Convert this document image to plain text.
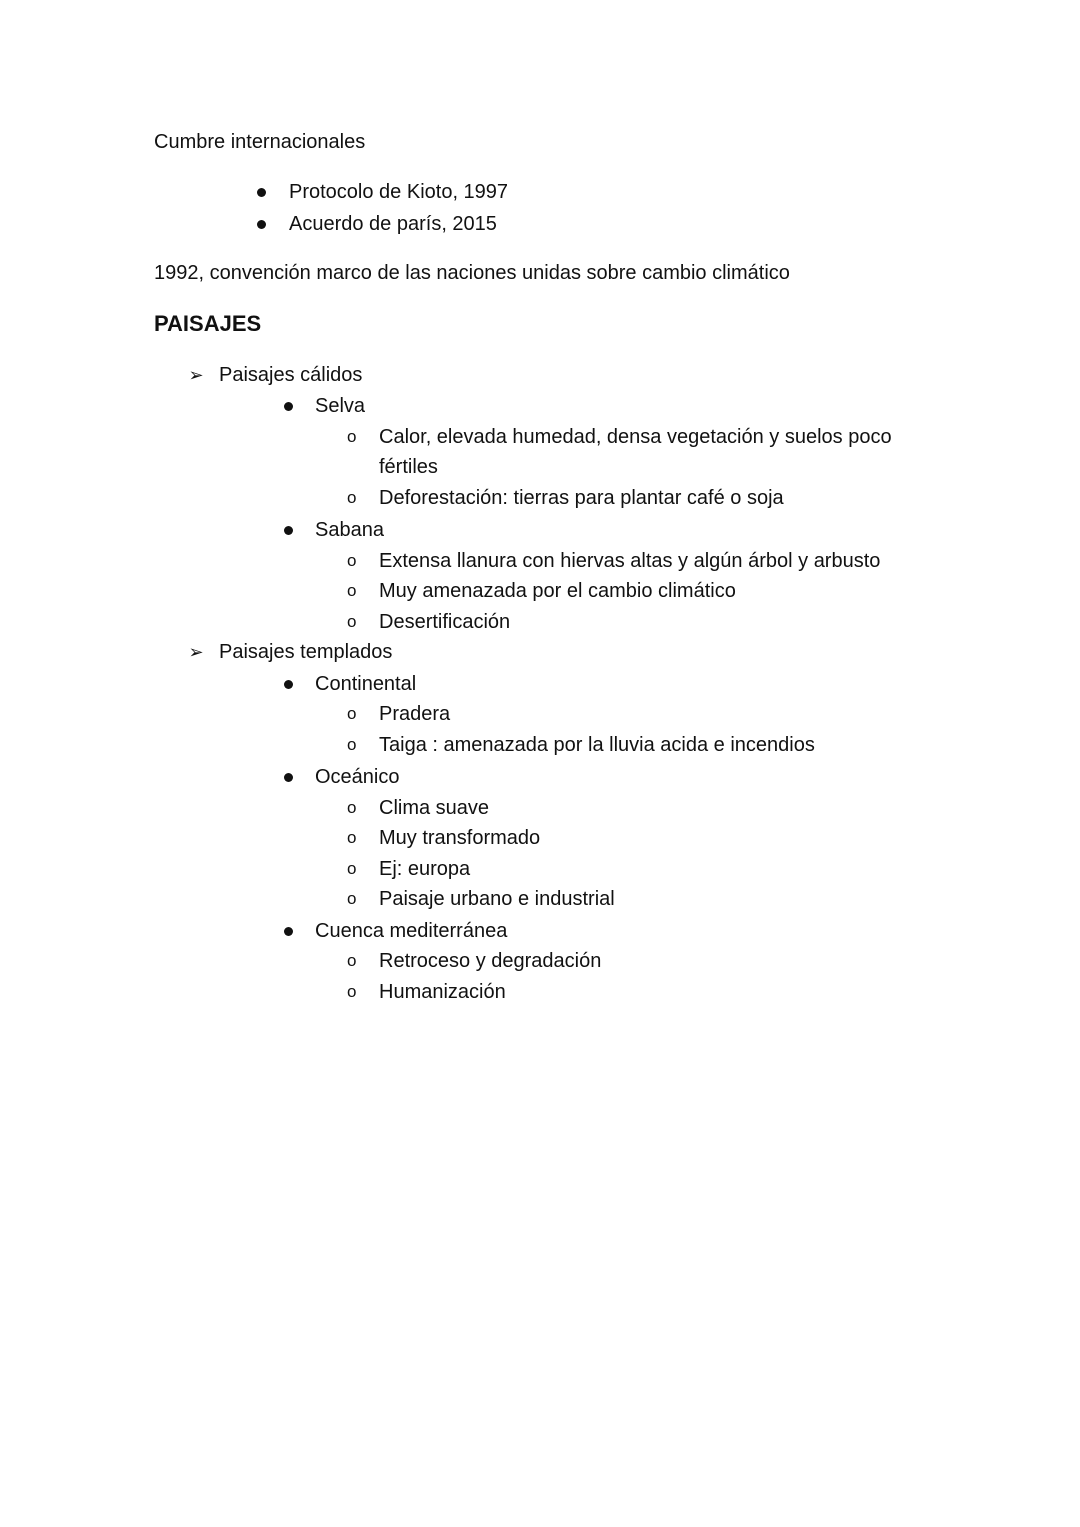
Cumbre internacionales
Protocolo de Kioto, 1997
Acuerdo de parís, 2015
1992, convención marco de las naciones unidas sobre cambio climático
PAISAJES
➢ Paisajes cálidos
Selva
o Calor, elevada humedad, densa vegetación y suelos poco
fértiles
o Deforestación: tierras para plantar café o soja
Sabana
o Extensa llanura con hiervas altas y algún árbol y arbusto
o Muy amenazada por el cambio climático
o Desertificación
➢ Paisajes templados
Continental
o Pradera
o Taiga : amenazada por la lluvia acida e incendios
Oceánico
o Clima suave
o Muy transformado
o Ej: europa
o Paisaje urbano e industrial
Cuenca mediterránea
o Retroceso y degradación
o Humanización
